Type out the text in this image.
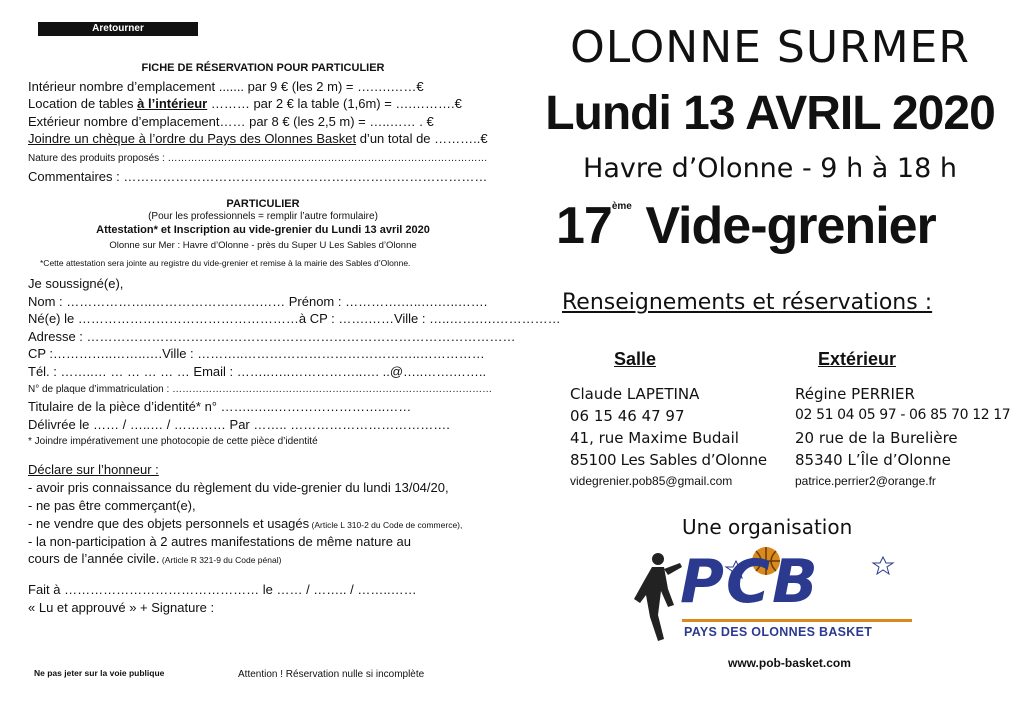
Aretourner
FICHE DE RÉSERVATION POUR PARTICULIER
Intérieur nombre d’emplacement ....... par 9 € (les 2 m) = ….….……€
Location de tables à l’intérieur ……… par 2 € la table (1,6m) = ….……….€
Extérieur nombre d’emplacement…… par 8 € (les 2,5 m) = …..…… . €
Joindre un chèque à l’ordre du Pays des Olonnes Basket d’un total de ………..€
Nature des produits proposés : ……………………………………………………………………………………
Commentaires : …………………………………………………………………………
PARTICULIER
(Pour les professionnels = remplir l’autre formulaire)
Attestation* et Inscription au vide-grenier du Lundi 13 avril 2020
Olonne sur Mer : Havre d’Olonne - près du Super U Les Sables d’Olonne
*Cette attestation sera jointe au registre du vide-grenier et remise à la mairie des Sables d’Olonne.
Je soussigné(e),
Nom : ………………..…………………….…… Prénom : ………….…..….…..…….
Né(e) le ……………………………………………à CP : …….……Ville : …..…….….……………
Adresse : ………………………………………………………………………………………
CP :…………..……..….Ville : ………..…………………………………..……………
Tél. : ……..… … … … … … Email : ……..…..……………..…. ..@…..…….……..
N° de plaque d’immatriculation : ……………………………………………………………………………………
Titulaire de la pièce d’identité* n° ……..…..……………………..……
Délivrée le …… / …..… / ………… Par …….. ……………………………….
* Joindre impérativement une photocopie de cette pièce d’identité
Déclare sur l’honneur :
- avoir pris connaissance du règlement du vide-grenier du lundi 13/04/20,
- ne pas être commerçant(e),
- ne vendre que des objets personnels et usagés (Article L 310-2 du Code de commerce),
- la non-participation à 2 autres manifestations de même nature au
cours de l’année civile. (Article R 321-9 du Code pénal)
Fait à ……………………………………… le …… / …….. / ……..……
« Lu et approuvé » + Signature :
Ne pas jeter sur la voie publique	Attention ! Réservation nulle si incomplète
OLONNE SURMER
Lundi 13 AVRIL 2020
Havre d’Olonne - 9 h à 18 h
17ème Vide-grenier
Renseignements et réservations :
Salle
Claude LAPETINA
06 15 46 47 97
41, rue Maxime Budail
85100 Les Sables d’Olonne
videgrenier.pob85@gmail.com
Extérieur
Régine PERRIER
02 51 04 05 97 - 06 85 70 12 17
20 rue de la Burelière
85340 L’Île d’Olonne
patrice.perrier2@orange.fr
Une organisation
PCB
PAYS DES OLONNES BASKET
www.pob-basket.com
